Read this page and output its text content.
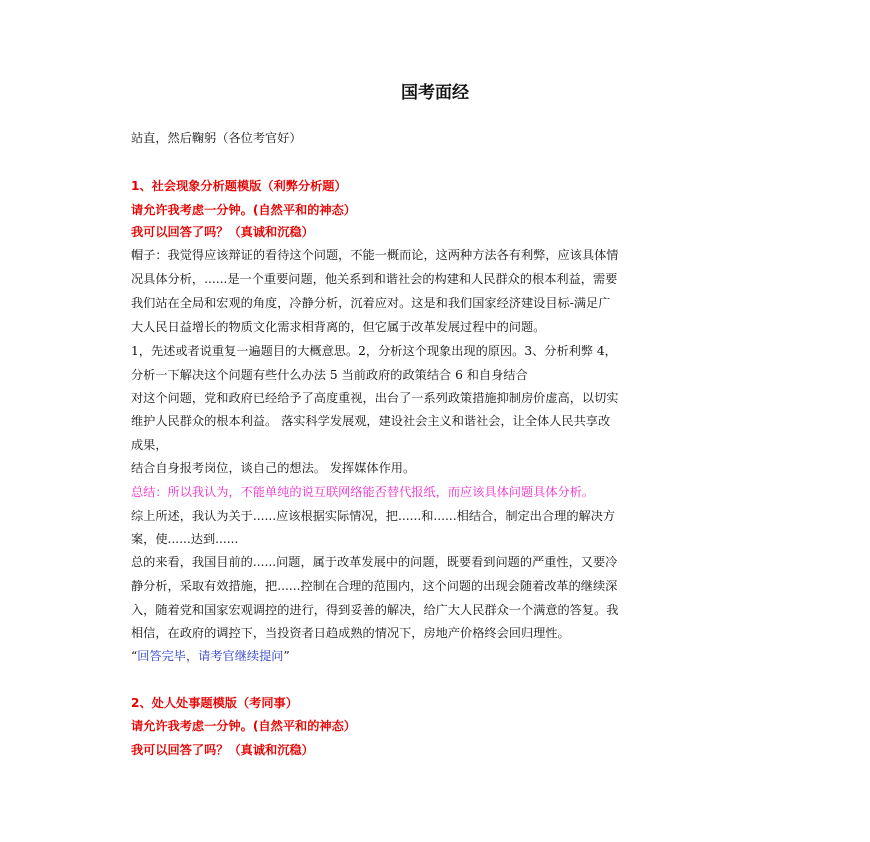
国考面经
站直，然后鞠躬（各位考官好）
1、社会现象分析题模版（利弊分析题）
请允许我考虑一分钟。(自然平和的神态）
我可以回答了吗？（真诚和沉稳）
帽子：我觉得应该辩证的看待这个问题，不能一概而论，这两种方法各有利弊，应该具体情
况具体分析，......是一个重要问题，他关系到和谐社会的构建和人民群众的根本利益，需要
我们站在全局和宏观的角度，冷静分析，沉着应对。这是和我们国家经济建设目标-满足广
大人民日益增长的物质文化需求相背离的，但它属于改革发展过程中的问题。
1，先述或者说重复一遍题目的大概意思。2，分析这个现象出现的原因。3、分析利弊 4，
分析一下解决这个问题有些什么办法 5 当前政府的政策结合 6 和自身结合
对这个问题，党和政府已经给予了高度重视，出台了一系列政策措施抑制房价虚高，以切实
维护人民群众的根本利益。 落实科学发展观，建设社会主义和谐社会，让全体人民共享改
成果，
结合自身报考岗位，谈自己的想法。 发挥媒体作用。
总结：所以我认为，不能单纯的说互联网络能否替代报纸，而应该具体问题具体分析。
综上所述，我认为关于......应该根据实际情况，把......和......相结合，制定出合理的解决方
案，使......达到......
总的来看，我国目前的......问题，属于改革发展中的问题，既要看到问题的严重性，又要冷
静分析，采取有效措施，把......控制在合理的范围内，这个问题的出现会随着改革的继续深
入，随着党和国家宏观调控的进行，得到妥善的解决，给广大人民群众一个满意的答复。我
相信，在政府的调控下，当投资者日趋成熟的情况下，房地产价格终会回归理性。
“回答完毕，请考官继续提问”
2、处人处事题模版（考同事）
请允许我考虑一分钟。(自然平和的神态）
我可以回答了吗？（真诚和沉稳）
